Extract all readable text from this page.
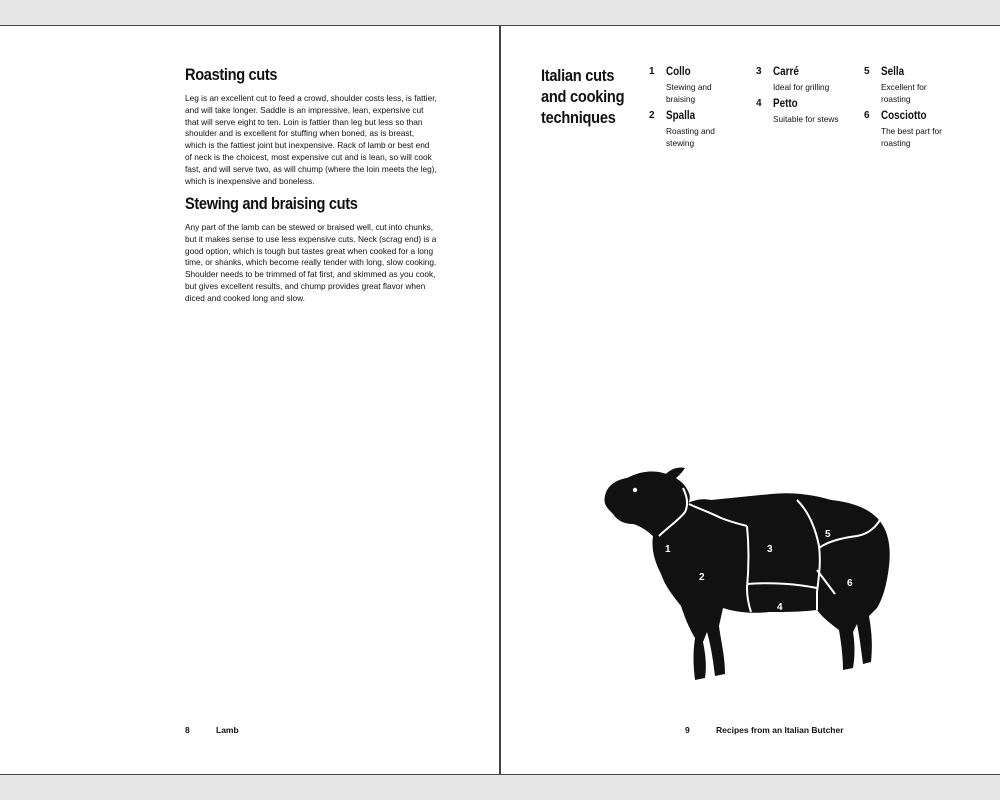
Roasting cuts

Leg is an excellent cut to feed a crowd, shoulder costs less, is fattier,
and will take longer. Saddle is an impressive, lean, expensive cut
that will serve eight to ten. Loin is fattier than leg but less so than
shoulder and is excellent for stuffing when boned, as is breast,
which is the fattiest joint but inexpensive. Rack of lamb or best end
of neck is the choicest, most expensive cut and is lean, so will cook
fast, and will serve two, as will chump (where the loin meets the leg),
which is inexpensive and boneless.

Stewing and braising cuts

Any part of the lamb can be stewed or braised well, cut into chunks,
but it makes sense to use less expensive cuts. Neck (scrag end) is a
good option, which is tough but tastes great when cooked for a long
time, or shanks, which become really tender with long, slow cooking.
Shoulder needs to be trimmed of fat first, and skimmed as you cook,
but gives excellent results, and chump provides great flavor when
diced and cooked long and slow.

8	Lamb
Italian cuts
and cooking
techniques
1 Collo
Stewing and
braising
2 Spalla
Roasting and
stewing
3 Carré
Ideal for grilling
4 Petto
Suitable for stews
5 Sella
Excellent for
roasting
6 Cosciotto
The best part for
roasting
1
2
3
4
5
6
9	Recipes from an Italian Butcher
